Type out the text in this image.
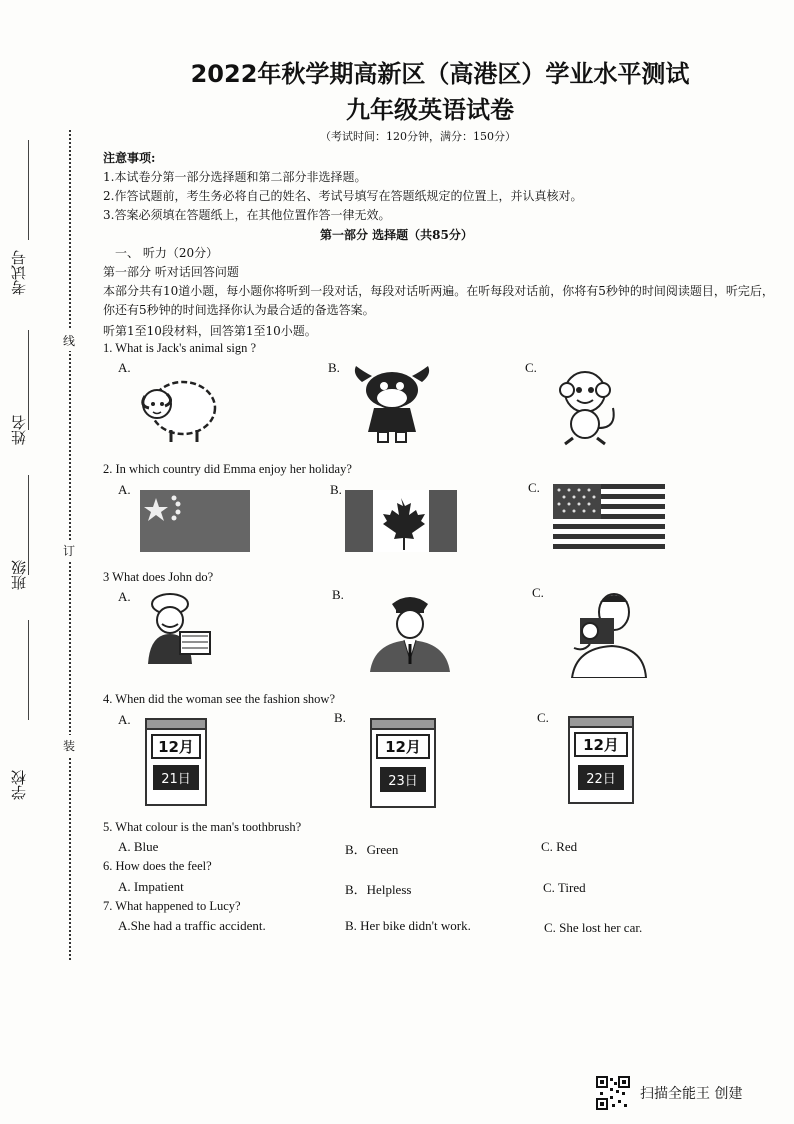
考试号
姓名
班级
学校
线
订
装
2022年秋学期高新区（高港区）学业水平测试
九年级英语试卷
（考试时间：120分钟，满分：150分）
注意事项:
1.本试卷分第一部分选择题和第二部分非选择题。
2.作答试题前，考生务必将自己的姓名、考试号填写在答题纸规定的位置上，并认真核对。
3.答案必须填在答题纸上，在其他位置作答一律无效。
第一部分 选择题（共85分）
一、 听力（20分）
第一部分 听对话回答问题
本部分共有10道小题，每小题你将听到一段对话，每段对话听两遍。在听每段对话前，你将有5秒钟的时间阅读题目，听完后，你还有5秒钟的时间选择你认为最合适的备选答案。
听第1至10段材料，回答第1至10小题。
1. What is Jack's animal sign ?
A.	B.	C.
2. In which country did Emma enjoy her holiday?
A.	B.	C.
3 What does John do?
A.	B.	C.
4. When did the woman see the fashion show?
A.	B.	C.
12月
21日
12月
23日
12月
22日
5. What colour is the man's toothbrush?
A. Blue	B．Green	C. Red
6. How does the feel?
A. Impatient	B．Helpless	C. Tired
7. What happened to Lucy?
A.She had a traffic accident.	B. Her bike didn't work.	C. She lost her car.
扫描全能王 创建
